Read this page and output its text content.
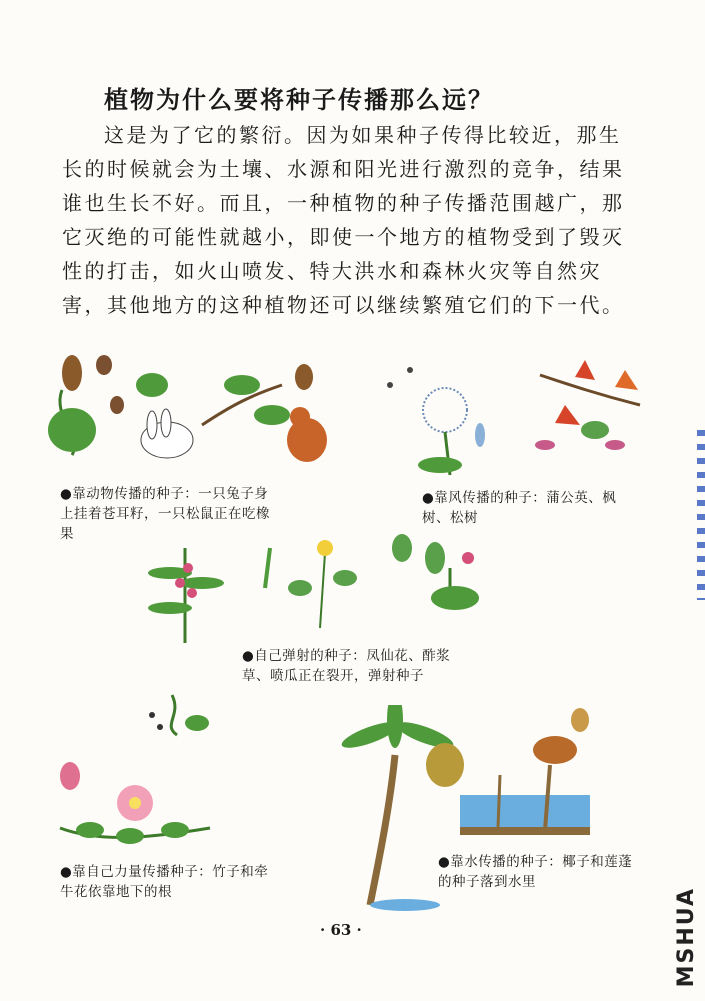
植物为什么要将种子传播那么远？
这是为了它的繁衍。因为如果种子传得比较近，那生长的时候就会为土壤、水源和阳光进行激烈的竞争，结果谁也生长不好。而且，一种植物的种子传播范围越广，那它灭绝的可能性就越小，即使一个地方的植物受到了毁灭性的打击，如火山喷发、特大洪水和森林火灾等自然灾害，其他地方的这种植物还可以继续繁殖它们的下一代。
●靠动物传播的种子：一只兔子身上挂着苍耳籽，一只松鼠正在吃橡果
●靠风传播的种子：蒲公英、枫树、松树
●自己弹射的种子：凤仙花、酢浆草、喷瓜正在裂开，弹射种子
●靠自己力量传播种子：竹子和牵牛花依靠地下的根
●靠水传播的种子：椰子和莲蓬的种子落到水里
· 63 ·	MSHUA
